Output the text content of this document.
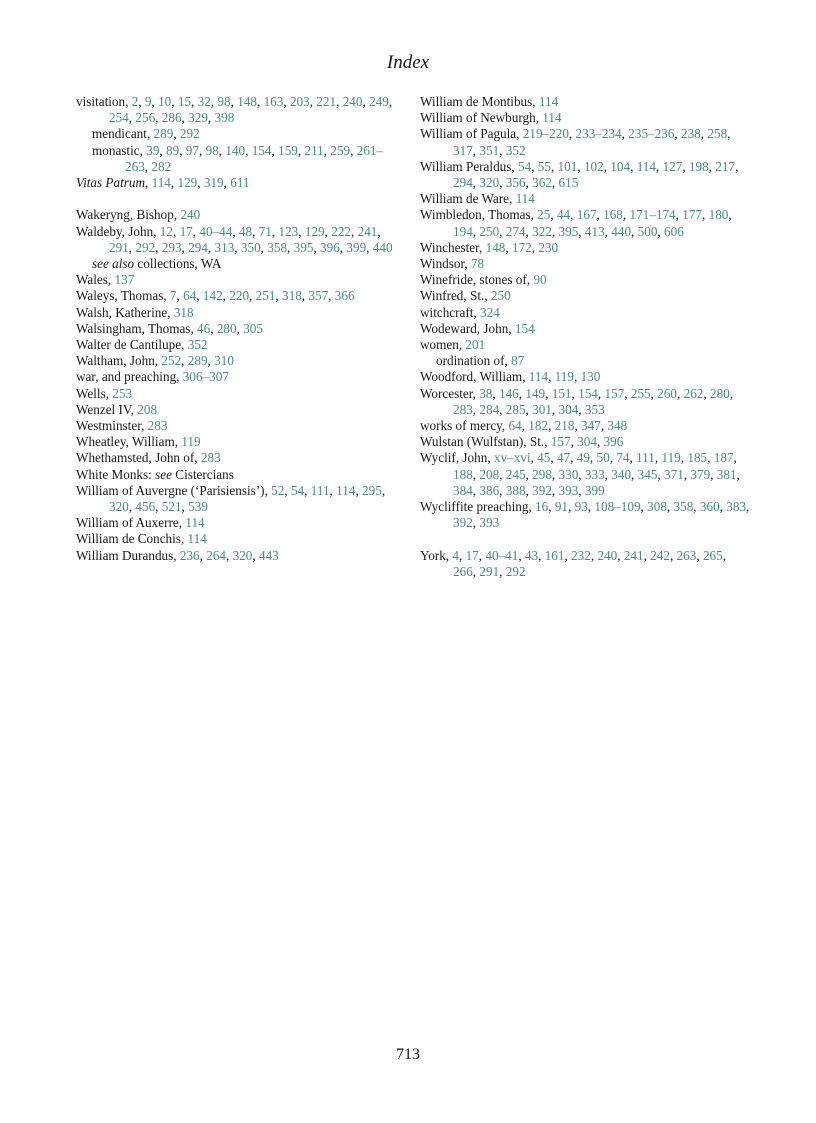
Index
visitation, 2, 9, 10, 15, 32, 98, 148, 163, 203, 221, 240, 249, 254, 256, 286, 329, 398
mendicant, 289, 292
monastic, 39, 89, 97, 98, 140, 154, 159, 211, 259, 261–263, 282
Vitas Patrum, 114, 129, 319, 611
Wakeryng, Bishop, 240
Waldeby, John, 12, 17, 40–44, 48, 71, 123, 129, 222, 241, 291, 292, 293, 294, 313, 350, 358, 395, 396, 399, 440
see also collections, WA
Wales, 137
Waleys, Thomas, 7, 64, 142, 220, 251, 318, 357, 366
Walsh, Katherine, 318
Walsingham, Thomas, 46, 280, 305
Walter de Cantilupe, 352
Waltham, John, 252, 289, 310
war, and preaching, 306–307
Wells, 253
Wenzel IV, 208
Westminster, 283
Wheatley, William, 119
Whethamsted, John of, 283
White Monks: see Cistercians
William of Auvergne (‘Parisiensis’), 52, 54, 111, 114, 295, 320, 456, 521, 539
William of Auxerre, 114
William de Conchis, 114
William Durandus, 236, 264, 320, 443
William de Montibus, 114
William of Newburgh, 114
William of Pagula, 219–220, 233–234, 235–236, 238, 258, 317, 351, 352
William Peraldus, 54, 55, 101, 102, 104, 114, 127, 198, 217, 294, 320, 356, 362, 615
William de Ware, 114
Wimbledon, Thomas, 25, 44, 167, 168, 171–174, 177, 180, 194, 250, 274, 322, 395, 413, 440, 500, 606
Winchester, 148, 172, 230
Windsor, 78
Winefride, stones of, 90
Winfred, St., 250
witchcraft, 324
Wodeward, John, 154
women, 201
ordination of, 87
Woodford, William, 114, 119, 130
Worcester, 38, 146, 149, 151, 154, 157, 255, 260, 262, 280, 283, 284, 285, 301, 304, 353
works of mercy, 64, 182, 218, 347, 348
Wulstan (Wulfstan), St., 157, 304, 396
Wyclif, John, xv–xvi, 45, 47, 49, 50, 74, 111, 119, 185, 187, 188, 208, 245, 298, 330, 333, 340, 345, 371, 379, 381, 384, 386, 388, 392, 393, 399
Wycliffite preaching, 16, 91, 93, 108–109, 308, 358, 360, 383, 392, 393
York, 4, 17, 40–41, 43, 161, 232, 240, 241, 242, 263, 265, 266, 291, 292
713
